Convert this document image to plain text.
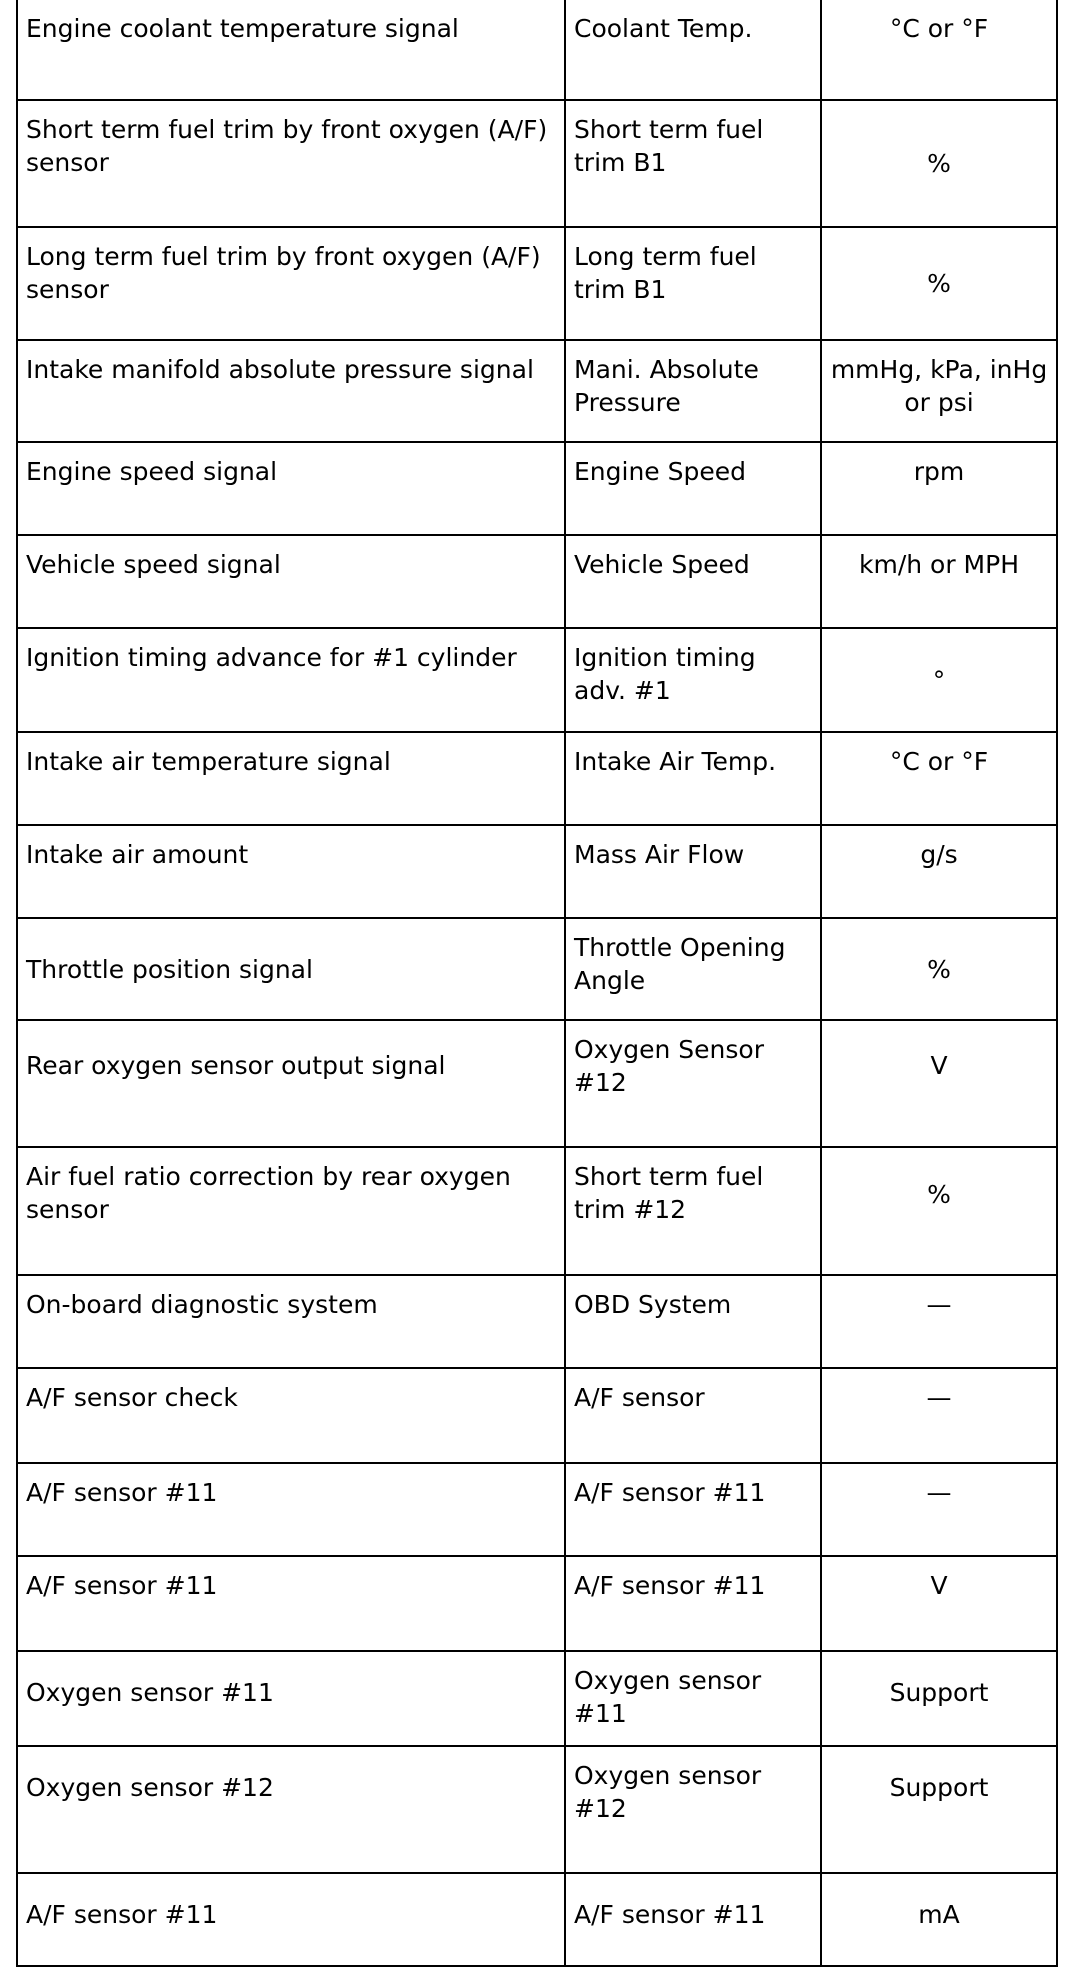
Engine coolant temperature signal	Coolant Temp.	°C or °F
Short term fuel trim by front oxygen (A/F) sensor	Short term fuel trim B1	%
Long term fuel trim by front oxygen (A/F) sensor	Long term fuel trim B1	%
Intake manifold absolute pressure signal	Mani. Absolute Pressure	mmHg, kPa, inHg or psi
Engine speed signal	Engine Speed	rpm
Vehicle speed signal	Vehicle Speed	km/h or MPH
Ignition timing advance for #1 cylinder	Ignition timing adv. #1	°
Intake air temperature signal	Intake Air Temp.	°C or °F
Intake air amount	Mass Air Flow	g/s
Throttle position signal	Throttle Opening Angle	%
Rear oxygen sensor output signal	Oxygen Sensor #12	V
Air fuel ratio correction by rear oxygen sensor	Short term fuel trim #12	%
On-board diagnostic system	OBD System	—
A/F sensor check	A/F sensor	—
A/F sensor #11	A/F sensor #11	—
A/F sensor #11	A/F sensor #11	V
Oxygen sensor #11	Oxygen sensor #11	Support
Oxygen sensor #12	Oxygen sensor #12	Support
A/F sensor #11	A/F sensor #11	mA
